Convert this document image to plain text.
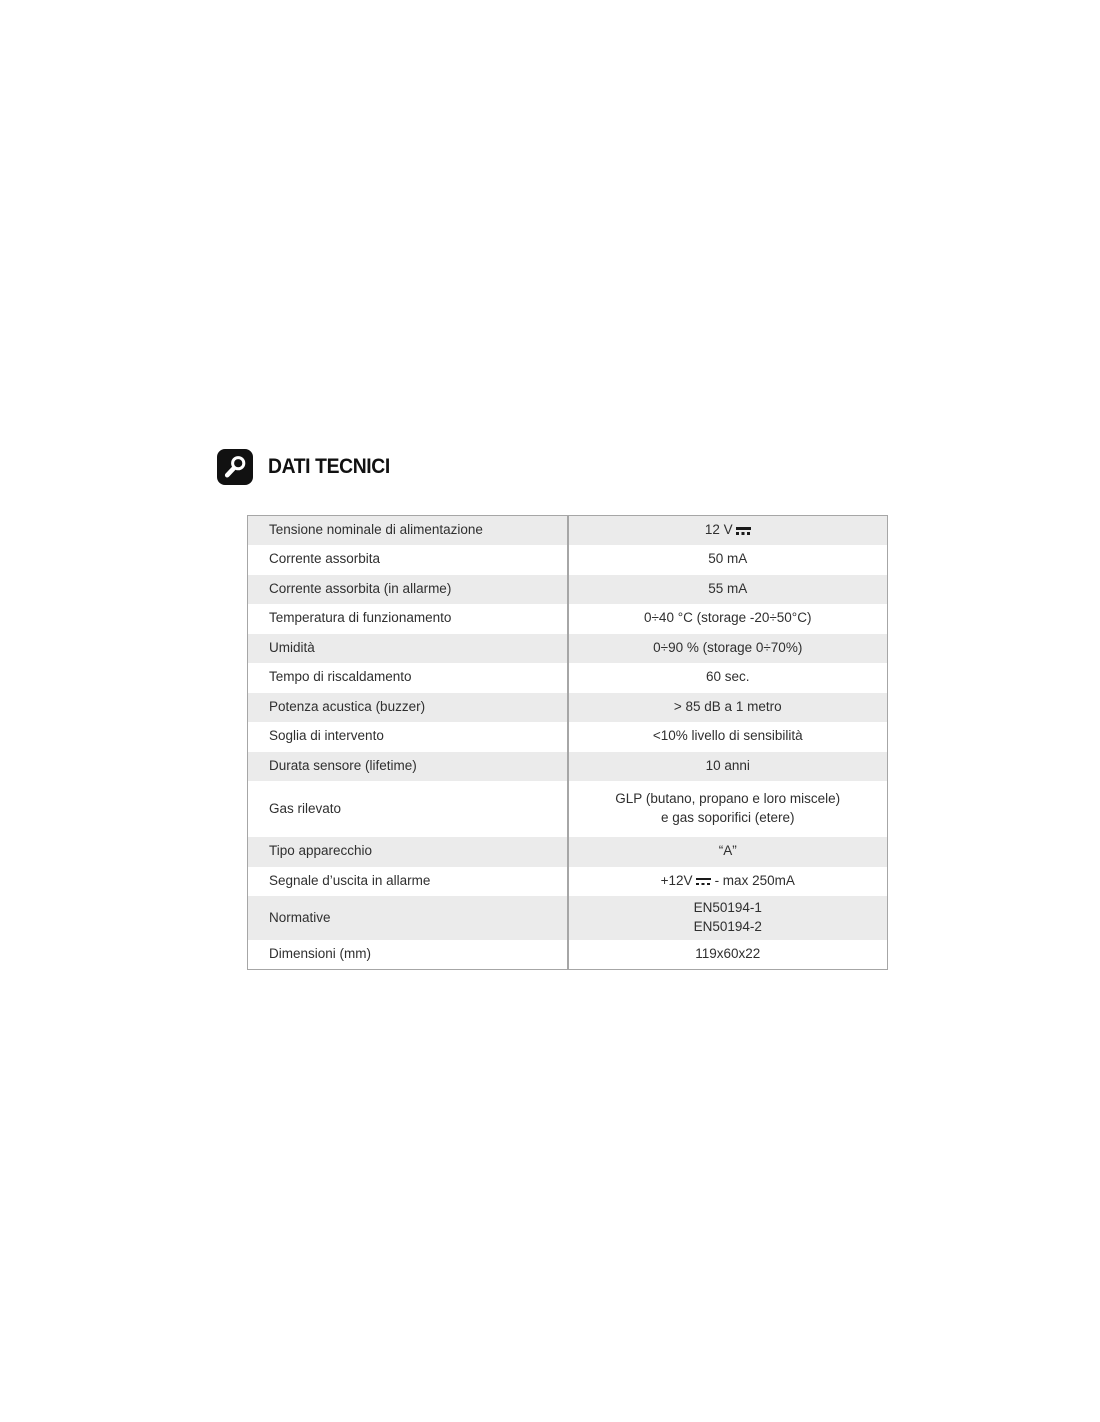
DATI TECNICI
Tensione nominale di alimentazione	12 V
Corrente assorbita	50 mA
Corrente assorbita (in allarme)	55 mA
Temperatura di funzionamento	0÷40 °C (storage -20÷50°C)
Umidità	0÷90 % (storage 0÷70%)
Tempo di riscaldamento	60 sec.
Potenza acustica (buzzer)	> 85 dB a 1 metro
Soglia di intervento	<10% livello di sensibilità
Durata sensore (lifetime)	10 anni
Gas rilevato	GLP (butano, propano e loro miscele)
e gas soporifici (etere)

Tipo apparecchio	“A”
Segnale d’uscita in allarme	+12V - max 250mA
Normative	EN50194-1
EN50194-2

Dimensioni (mm)	119x60x22
